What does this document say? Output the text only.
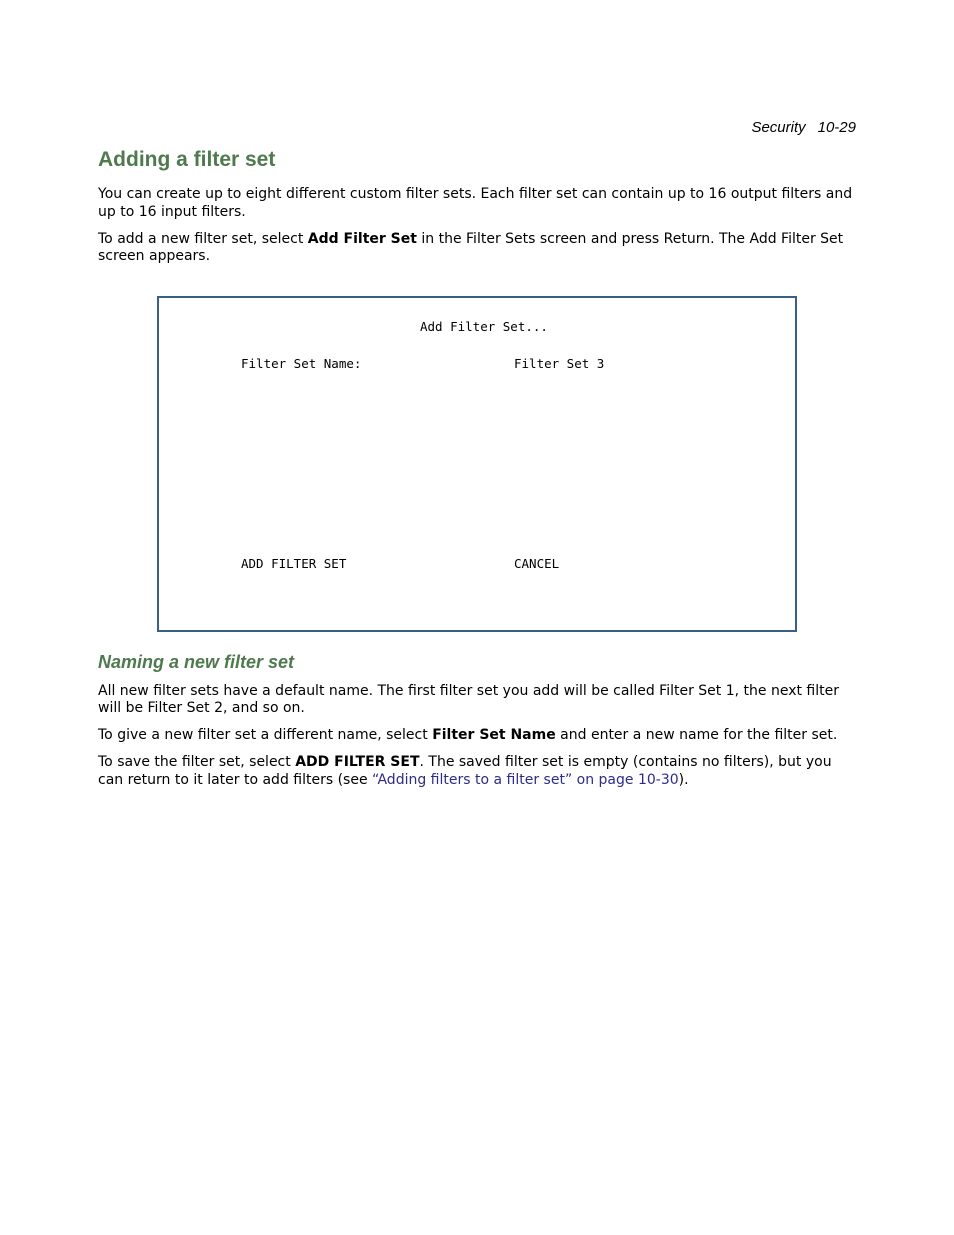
Security 10-29
Adding a filter set

You can create up to eight different custom filter sets. Each filter set can contain up to 16 output filters and up to 16 input filters.

To add a new filter set, select Add Filter Set in the Filter Sets screen and press Return. The Add Filter Set screen appears.

Add Filter Set...
Filter Set Name:	Filter Set 3
ADD FILTER SET	CANCEL
Naming a new filter set

All new filter sets have a default name. The first filter set you add will be called Filter Set 1, the next filter will be Filter Set 2, and so on.

To give a new filter set a different name, select Filter Set Name and enter a new name for the filter set.

To save the filter set, select ADD FILTER SET. The saved filter set is empty (contains no filters), but you can return to it later to add filters (see “Adding filters to a filter set” on page 10-30).
